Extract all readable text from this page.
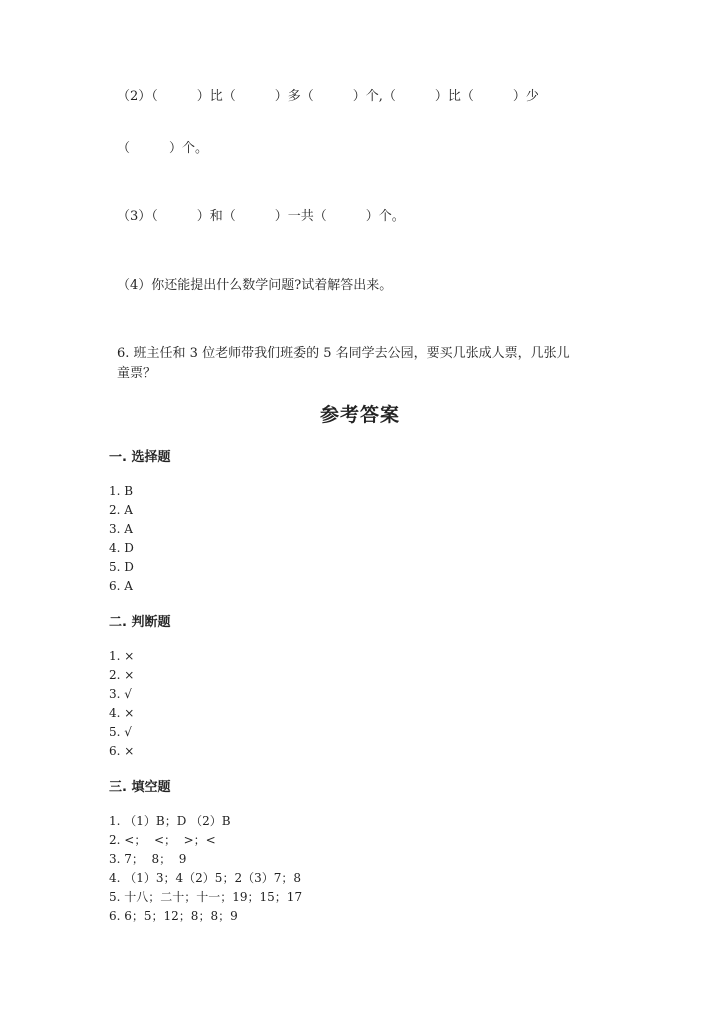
（2）（　　　）比（　　　）多（　　　）个,（　　　）比（　　　）少
（　　　）个。
（3）（　　　）和（　　　）一共（　　　）个。
（4）你还能提出什么数学问题?试着解答出来。
6. 班主任和 3 位老师带我们班委的 5 名同学去公园，要买几张成人票，几张儿
童票？
参考答案
一. 选择题
1. B
2. A
3. A
4. D
5. D
6. A
二. 判断题
1. ×
2. ×
3. √
4. ×
5. √
6. ×
三. 填空题
1. （1）B；D （2）B
2. <；  <；  >；<
3. 7；  8；  9
4. （1）3；4（2）5；2（3）7；8
5. 十八；二十；十一；19；15；17
6. 6；5；12；8；8；9
